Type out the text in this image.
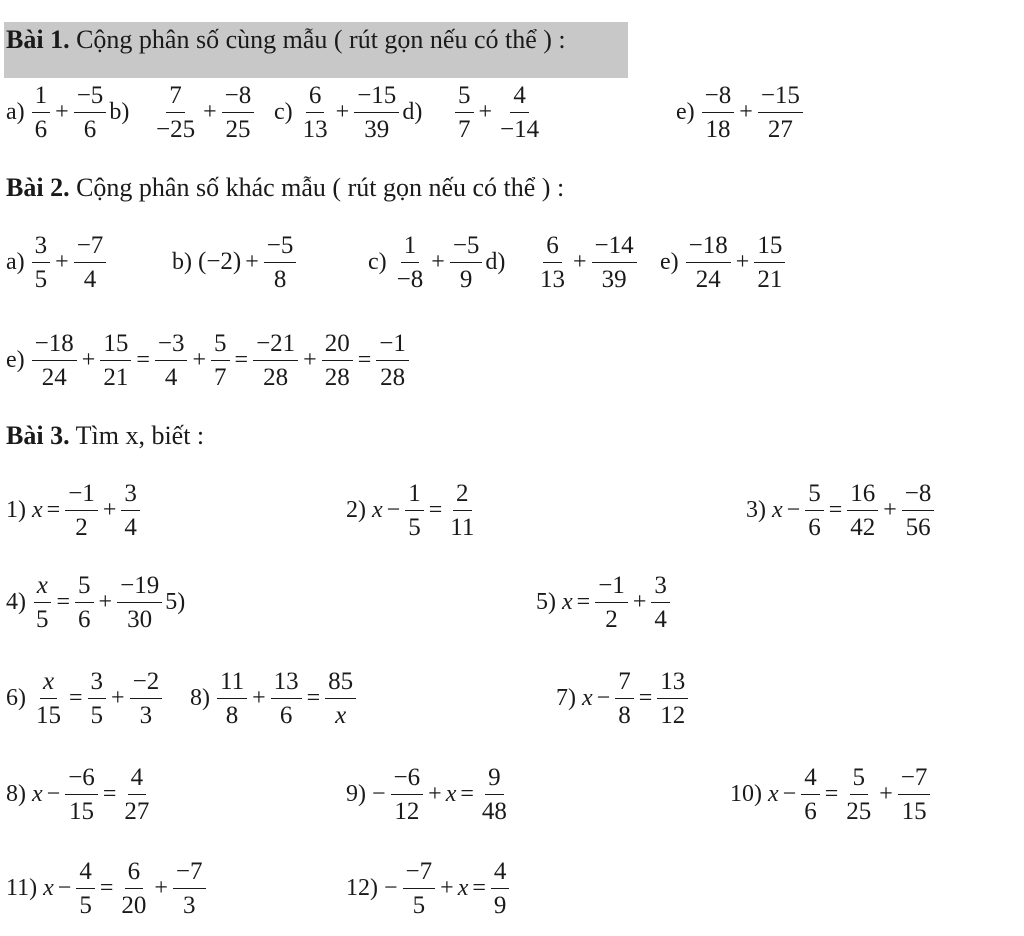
Bài 1. Cộng phân số cùng mẫu ( rút gọn nếu có thể ) :
Bài 2. Cộng phân số khác mẫu ( rút gọn nếu có thể ) :
Bài 3. Tìm x, biết :
$a) \frac{1}{6} + \frac{-5}{6} b) \frac{7}{-25} + \frac{-8}{25} c) \frac{6}{13} + \frac{-15}{39} d) \frac{5}{7} + \frac{4}{-14}$	$e) \frac{-8}{18} + \frac{-15}{27}$
$a) \frac{3}{5} + \frac{-7}{4}$	b) $(-2) + \frac{-5}{8}$	$c) \frac{1}{-8} + \frac{-5}{9} d) \frac{6}{13} + \frac{-14}{39} e) \frac{-18}{24} + \frac{15}{21}$
$e) \frac{-18}{24} + \frac{15}{21} = \frac{-3}{4} + \frac{5}{7} = \frac{-21}{28} + \frac{20}{28} = \frac{-1}{28}$
1) $x = \frac{-1}{2} + \frac{3}{4}$	2) $x - \frac{1}{5} = \frac{2}{11}$	3) $x - \frac{5}{6} = \frac{16}{42} + \frac{-8}{56}$
$4) \frac{x}{5} = \frac{5}{6} + \frac{-19}{30} 5$)	5) $x = \frac{-1}{2} + \frac{3}{4}$
$6) \frac{x}{15} = \frac{3}{5} + \frac{-2}{3} 8) \frac{11}{8} + \frac{13}{6} = \frac{85}{x}$	7) $x - \frac{7}{8} = \frac{13}{12}$
8) $x - \frac{-6}{15} = \frac{4}{27}$	$9) - \frac{-6}{12} + x = \frac{9}{48}$	10) $x - \frac{4}{6} = \frac{5}{25} + \frac{-7}{15}$
11) $x - \frac{4}{5} = \frac{6}{20} + \frac{-7}{3}$	$12) - \frac{-7}{5} + x = \frac{4}{9}$
